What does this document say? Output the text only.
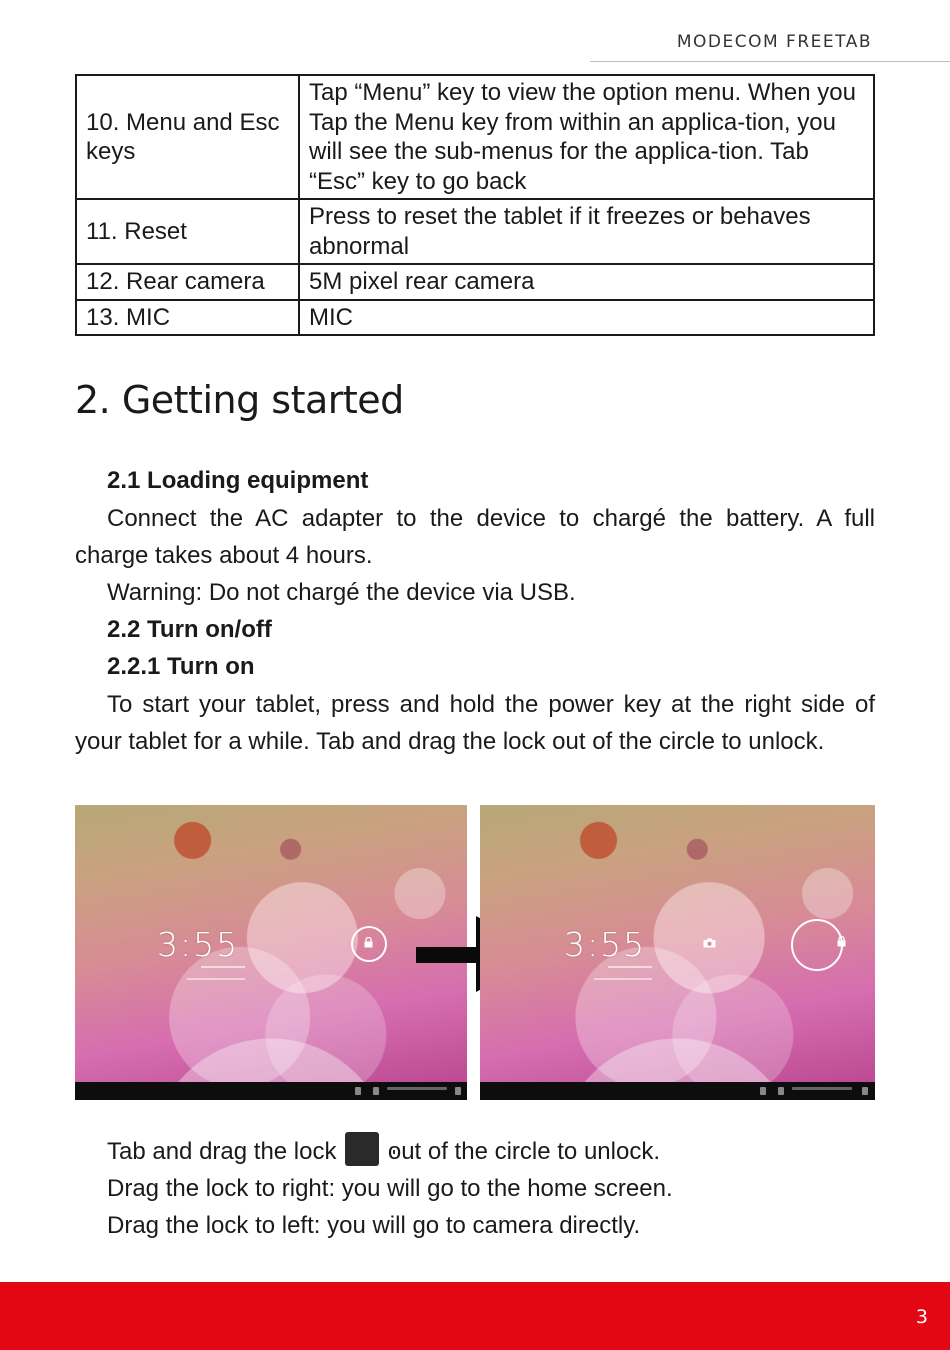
MODECOM FREETAB
10. Menu and Esc keys	Tap “Menu” key to view the option menu. When you Tap the Menu key from within an applica-tion, you will see the sub-menus for the applica-tion. Tab “Esc” key to go back
11. Reset	Press to reset the tablet if it freezes or behaves abnormal
12. Rear camera	5M pixel rear camera
13. MIC	MIC
2. Getting started

2.1 Loading equipment

Connect the AC adapter to the device to chargé the battery. A full charge takes about 4 hours.

Warning: Do not chargé the device via USB.

2.2 Turn on/off

2.2.1 Turn on

To start your tablet, press and hold the power key at the right side of your tablet for a while. Tab and drag the lock out of the circle to unlock.

3:55	3:55

Tab and drag the lock out of the circle to unlock.

Drag the lock to right: you will go to the home screen.

Drag the lock to left: you will go to camera directly.

3
